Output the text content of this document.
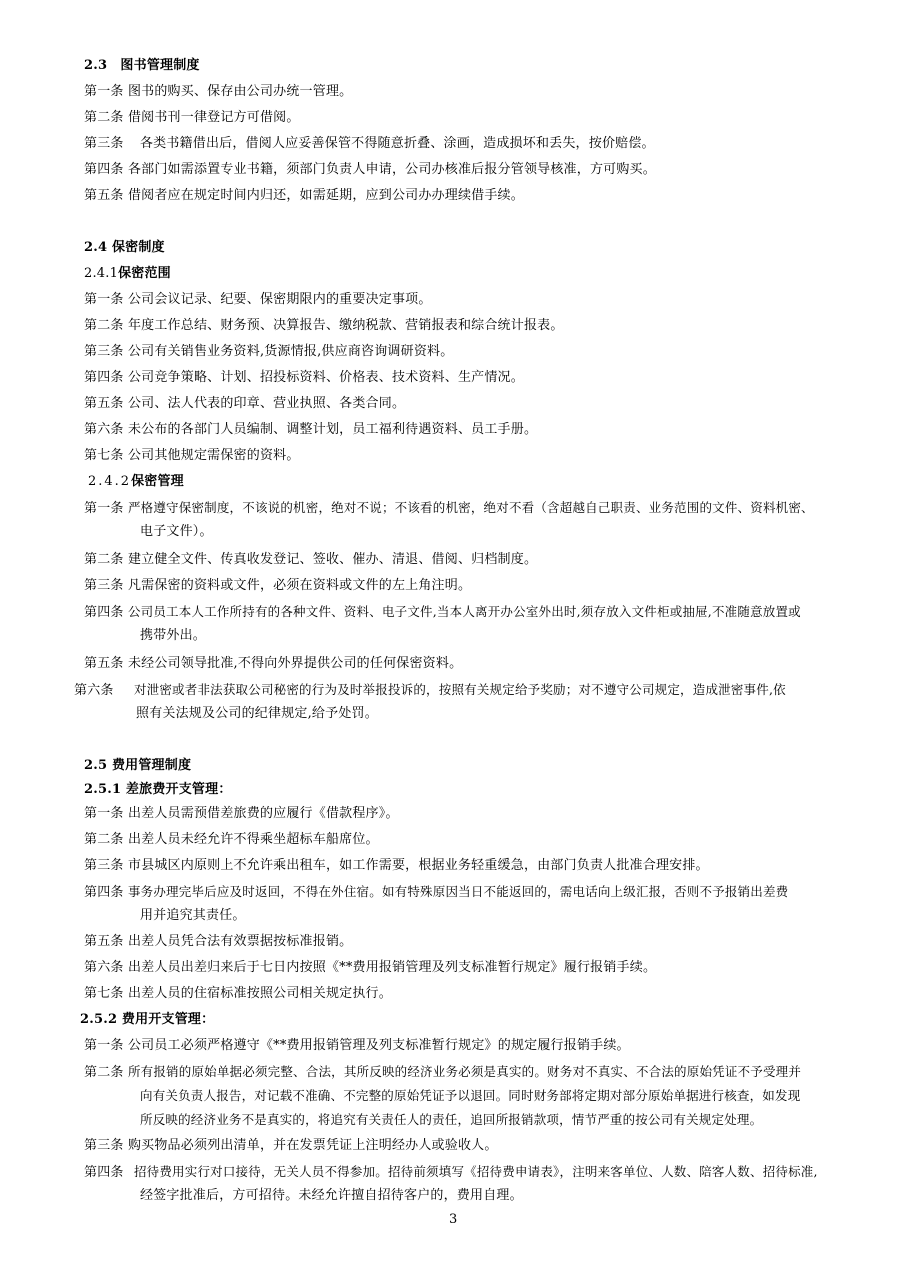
2.3　图书管理制度
第一条 图书的购买、保存由公司办统一管理。
第二条 借阅书刊一律登记方可借阅。
第三条 各类书籍借出后，借阅人应妥善保管不得随意折叠、涂画，造成损坏和丢失，按价赔偿。
第四条 各部门如需添置专业书籍，须部门负责人申请，公司办核准后报分管领导核准，方可购买。
第五条 借阅者应在规定时间内归还，如需延期，应到公司办办理续借手续。
2.4 保密制度
2.4.1保密范围
第一条 公司会议记录、纪要、保密期限内的重要决定事项。
第二条 年度工作总结、财务预、决算报告、缴纳税款、营销报表和综合统计报表。
第三条 公司有关销售业务资料,货源情报,供应商咨询调研资料。
第四条 公司竞争策略、计划、招投标资料、价格表、技术资料、生产情况。
第五条 公司、法人代表的印章、营业执照、各类合同。
第六条 未公布的各部门人员编制、调整计划，员工福利待遇资料、员工手册。
第七条 公司其他规定需保密的资料。
2.4.2保密管理
第一条 严格遵守保密制度，不该说的机密，绝对不说；不该看的机密，绝对不看（含超越自己职责、业务范围的文件、资料机密、
电子文件）。
第二条 建立健全文件、传真收发登记、签收、催办、清退、借阅、归档制度。
第三条 凡需保密的资料或文件，必须在资料或文件的左上角注明。
第四条 公司员工本人工作所持有的各种文件、资料、电子文件,当本人离开办公室外出时,须存放入文件柜或抽屉,不准随意放置或
携带外出。
第五条 未经公司领导批准,不得向外界提供公司的任何保密资料。
第六条 对泄密或者非法获取公司秘密的行为及时举报投诉的，按照有关规定给予奖励；对不遵守公司规定，造成泄密事件,依
照有关法规及公司的纪律规定,给予处罚。
2.5 费用管理制度
2.5.1 差旅费开支管理：
第一条 出差人员需预借差旅费的应履行《借款程序》。
第二条 出差人员未经允许不得乘坐超标车船席位。
第三条 市县城区内原则上不允许乘出租车，如工作需要，根据业务轻重缓急，由部门负责人批准合理安排。
第四条 事务办理完毕后应及时返回，不得在外住宿。如有特殊原因当日不能返回的，需电话向上级汇报，否则不予报销出差费
用并追究其责任。
第五条 出差人员凭合法有效票据按标准报销。
第六条 出差人员出差归来后于七日内按照《**费用报销管理及列支标准暂行规定》履行报销手续。
第七条 出差人员的住宿标准按照公司相关规定执行。
2.5.2 费用开支管理：
第一条 公司员工必须严格遵守《**费用报销管理及列支标准暂行规定》的规定履行报销手续。
第二条 所有报销的原始单据必须完整、合法，其所反映的经济业务必须是真实的。财务对不真实、不合法的原始凭证不予受理并
向有关负责人报告，对记载不准确、不完整的原始凭证予以退回。同时财务部将定期对部分原始单据进行核查，如发现
所反映的经济业务不是真实的，将追究有关责任人的责任，追回所报销款项，情节严重的按公司有关规定处理。
第三条 购买物品必须列出清单，并在发票凭证上注明经办人或验收人。
第四条 招待费用实行对口接待，无关人员不得参加。招待前须填写《招待费申请表》，注明来客单位、人数、陪客人数、招待标准,
经签字批准后，方可招待。未经允许擅自招待客户的，费用自理。
3
